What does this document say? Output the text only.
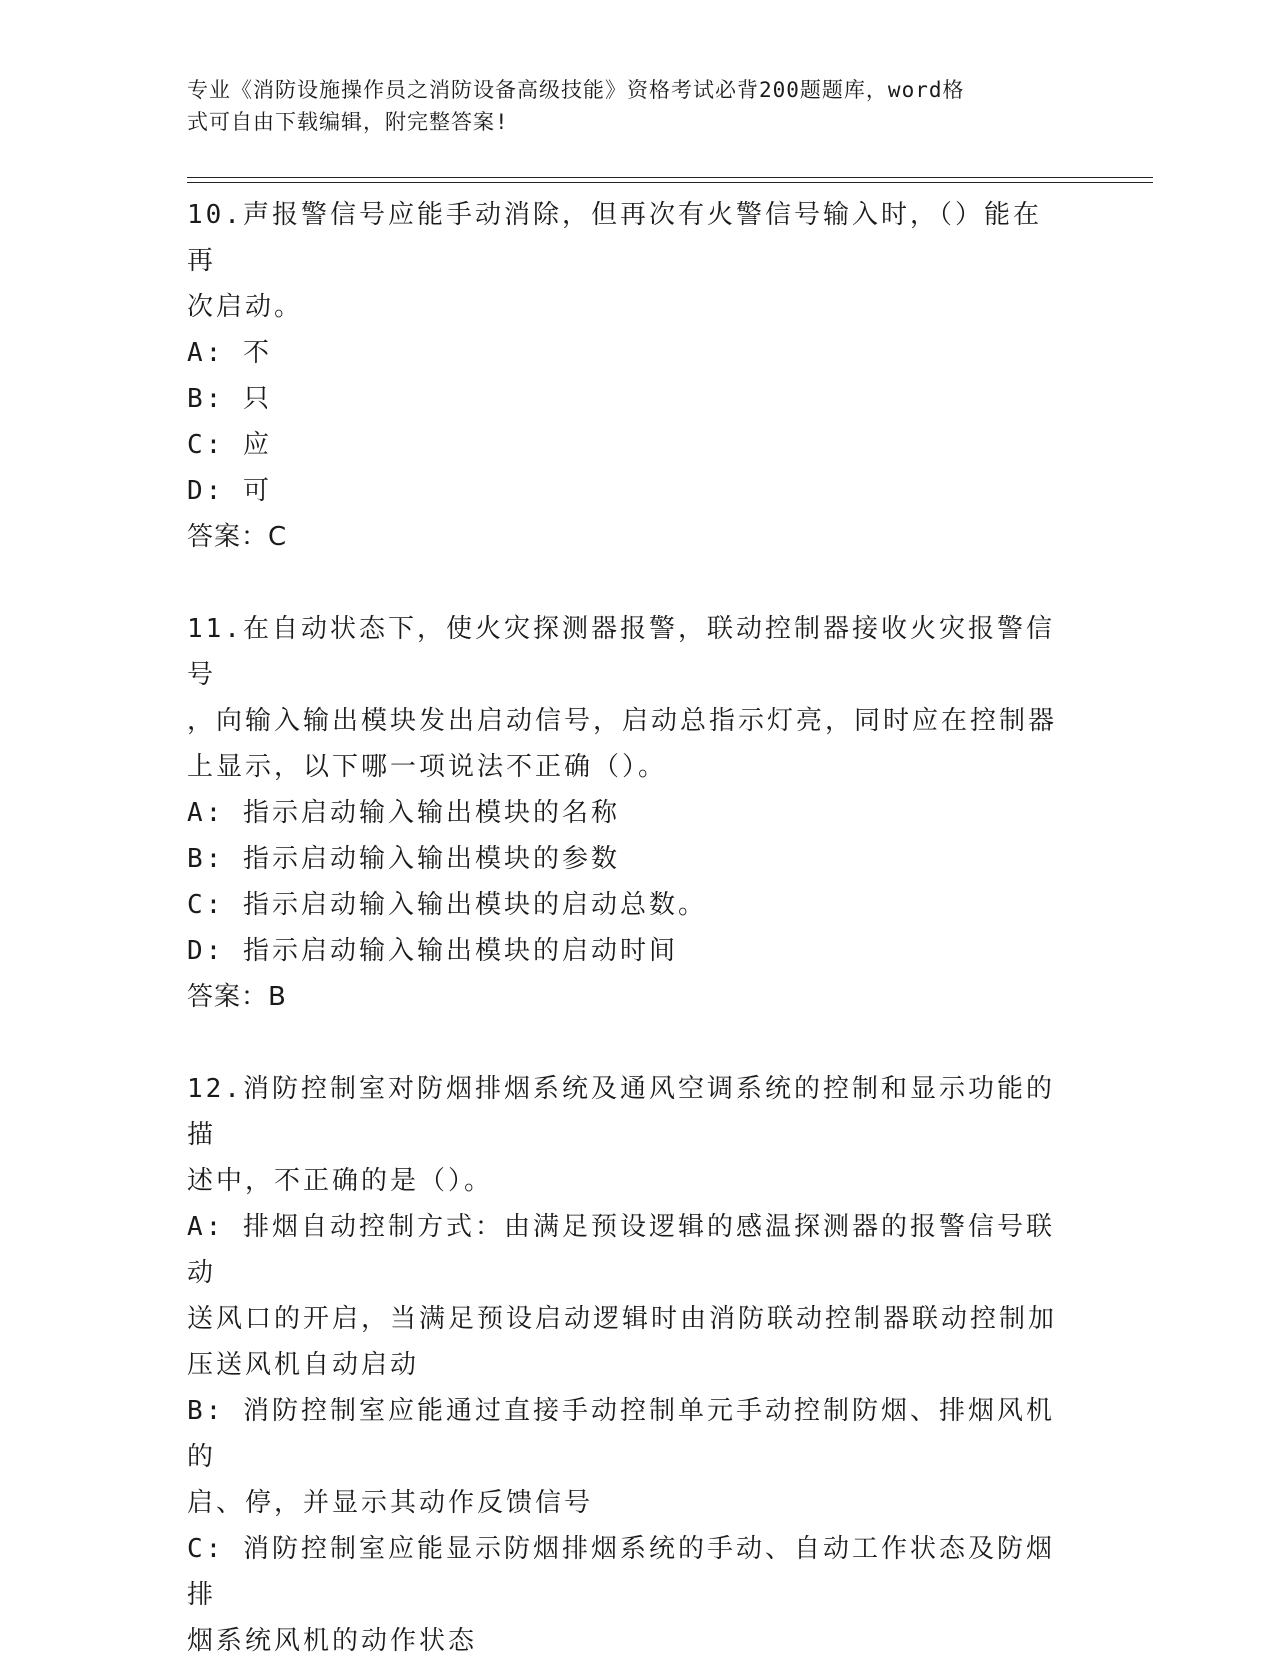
专业《消防设施操作员之消防设备高级技能》资格考试必背200题题库，word格
式可自由下载编辑，附完整答案!
10.声报警信号应能手动消除，但再次有火警信号输入时，（）能在再
次启动。
A: 不
B: 只
C: 应
D: 可
答案：C
11.在自动状态下，使火灾探测器报警，联动控制器接收火灾报警信号
，向输入输出模块发出启动信号，启动总指示灯亮，同时应在控制器
上显示，以下哪一项说法不正确（）。
A: 指示启动输入输出模块的名称
B: 指示启动输入输出模块的参数
C: 指示启动输入输出模块的启动总数。
D: 指示启动输入输出模块的启动时间
答案：B
12.消防控制室对防烟排烟系统及通风空调系统的控制和显示功能的描
述中，不正确的是（）。
A: 排烟自动控制方式：由满足预设逻辑的感温探测器的报警信号联动
送风口的开启，当满足预设启动逻辑时由消防联动控制器联动控制加
压送风机自动启动
B: 消防控制室应能通过直接手动控制单元手动控制防烟、排烟风机的
启、停，并显示其动作反馈信号
C: 消防控制室应能显示防烟排烟系统的手动、自动工作状态及防烟排
烟系统风机的动作状态
